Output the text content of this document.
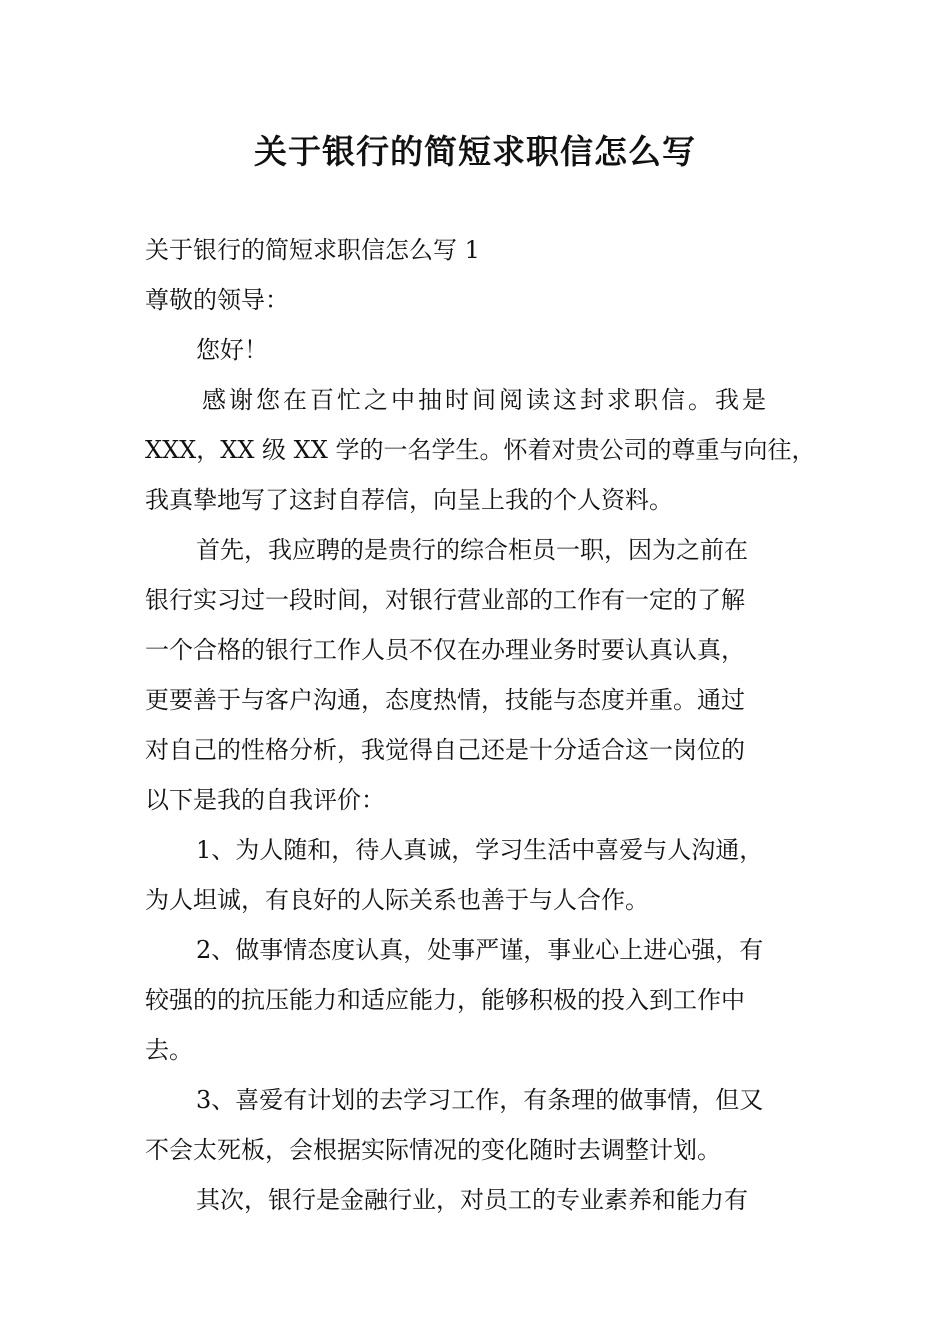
关于银行的简短求职信怎么写
关于银行的简短求职信怎么写 1
尊敬的领导：
您好！
感谢您在百忙之中抽时间阅读这封求职信。我是
XXX，XX 级 XX 学的一名学生。怀着对贵公司的尊重与向往，
我真挚地写了这封自荐信，向呈上我的个人资料。
首先，我应聘的是贵行的综合柜员一职，因为之前在
银行实习过一段时间，对银行营业部的工作有一定的了解
一个合格的银行工作人员不仅在办理业务时要认真认真，
更要善于与客户沟通，态度热情，技能与态度并重。通过
对自己的性格分析，我觉得自己还是十分适合这一岗位的
以下是我的自我评价：
1、为人随和，待人真诚，学习生活中喜爱与人沟通，
为人坦诚，有良好的人际关系也善于与人合作。
2、做事情态度认真，处事严谨，事业心上进心强，有
较强的的抗压能力和适应能力，能够积极的投入到工作中
去。
3、喜爱有计划的去学习工作，有条理的做事情，但又
不会太死板，会根据实际情况的变化随时去调整计划。
其次，银行是金融行业，对员工的专业素养和能力有
